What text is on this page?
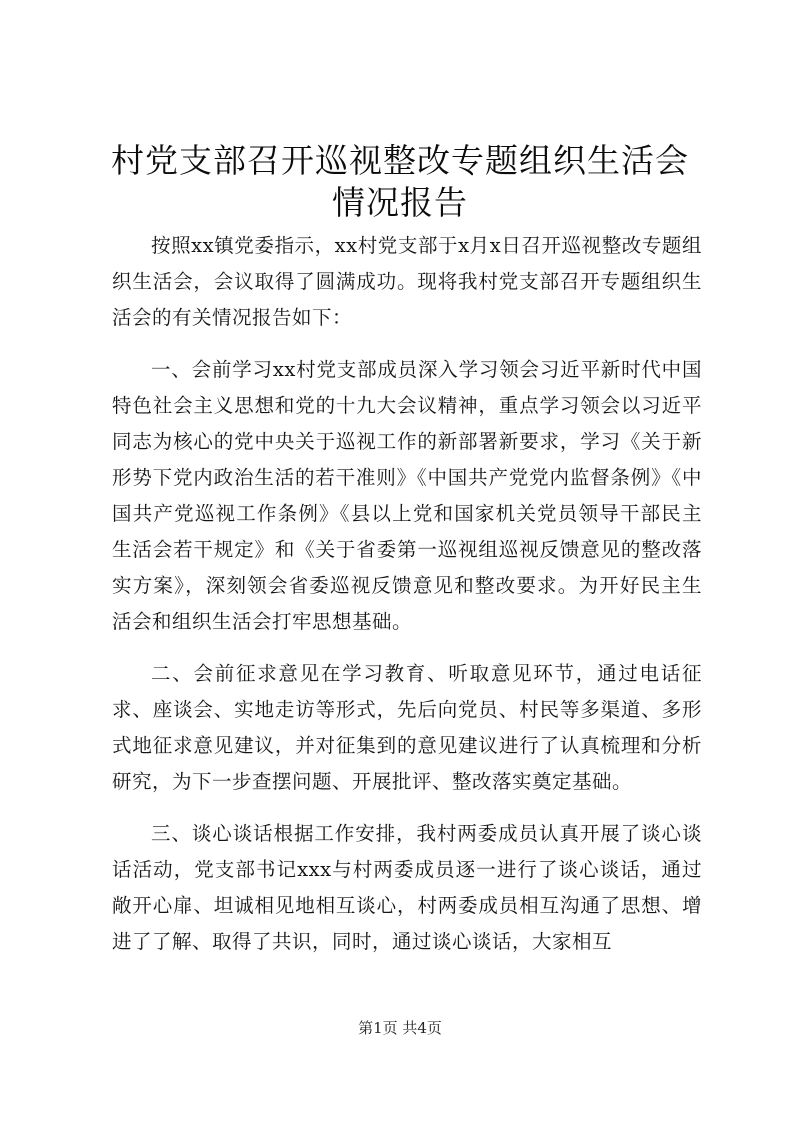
村党支部召开巡视整改专题组织生活会情况报告

按照xx镇党委指示，xx村党支部于x月x日召开巡视整改专题组织生活会，会议取得了圆满成功。现将我村党支部召开专题组织生活会的有关情况报告如下：

一、会前学习xx村党支部成员深入学习领会习近平新时代中国特色社会主义思想和党的十九大会议精神，重点学习领会以习近平同志为核心的党中央关于巡视工作的新部署新要求，学习《关于新形势下党内政治生活的若干准则》《中国共产党党内监督条例》《中国共产党巡视工作条例》《县以上党和国家机关党员领导干部民主生活会若干规定》和《关于省委第一巡视组巡视反馈意见的整改落实方案》，深刻领会省委巡视反馈意见和整改要求。为开好民主生活会和组织生活会打牢思想基础。

二、会前征求意见在学习教育、听取意见环节，通过电话征求、座谈会、实地走访等形式，先后向党员、村民等多渠道、多形式地征求意见建议，并对征集到的意见建议进行了认真梳理和分析研究，为下一步查摆问题、开展批评、整改落实奠定基础。

三、谈心谈话根据工作安排，我村两委成员认真开展了谈心谈话活动，党支部书记xxx与村两委成员逐一进行了谈心谈话，通过敞开心扉、坦诚相见地相互谈心，村两委成员相互沟通了思想、增进了了解、取得了共识，同时，通过谈心谈话，大家相互

第1页 共4页
